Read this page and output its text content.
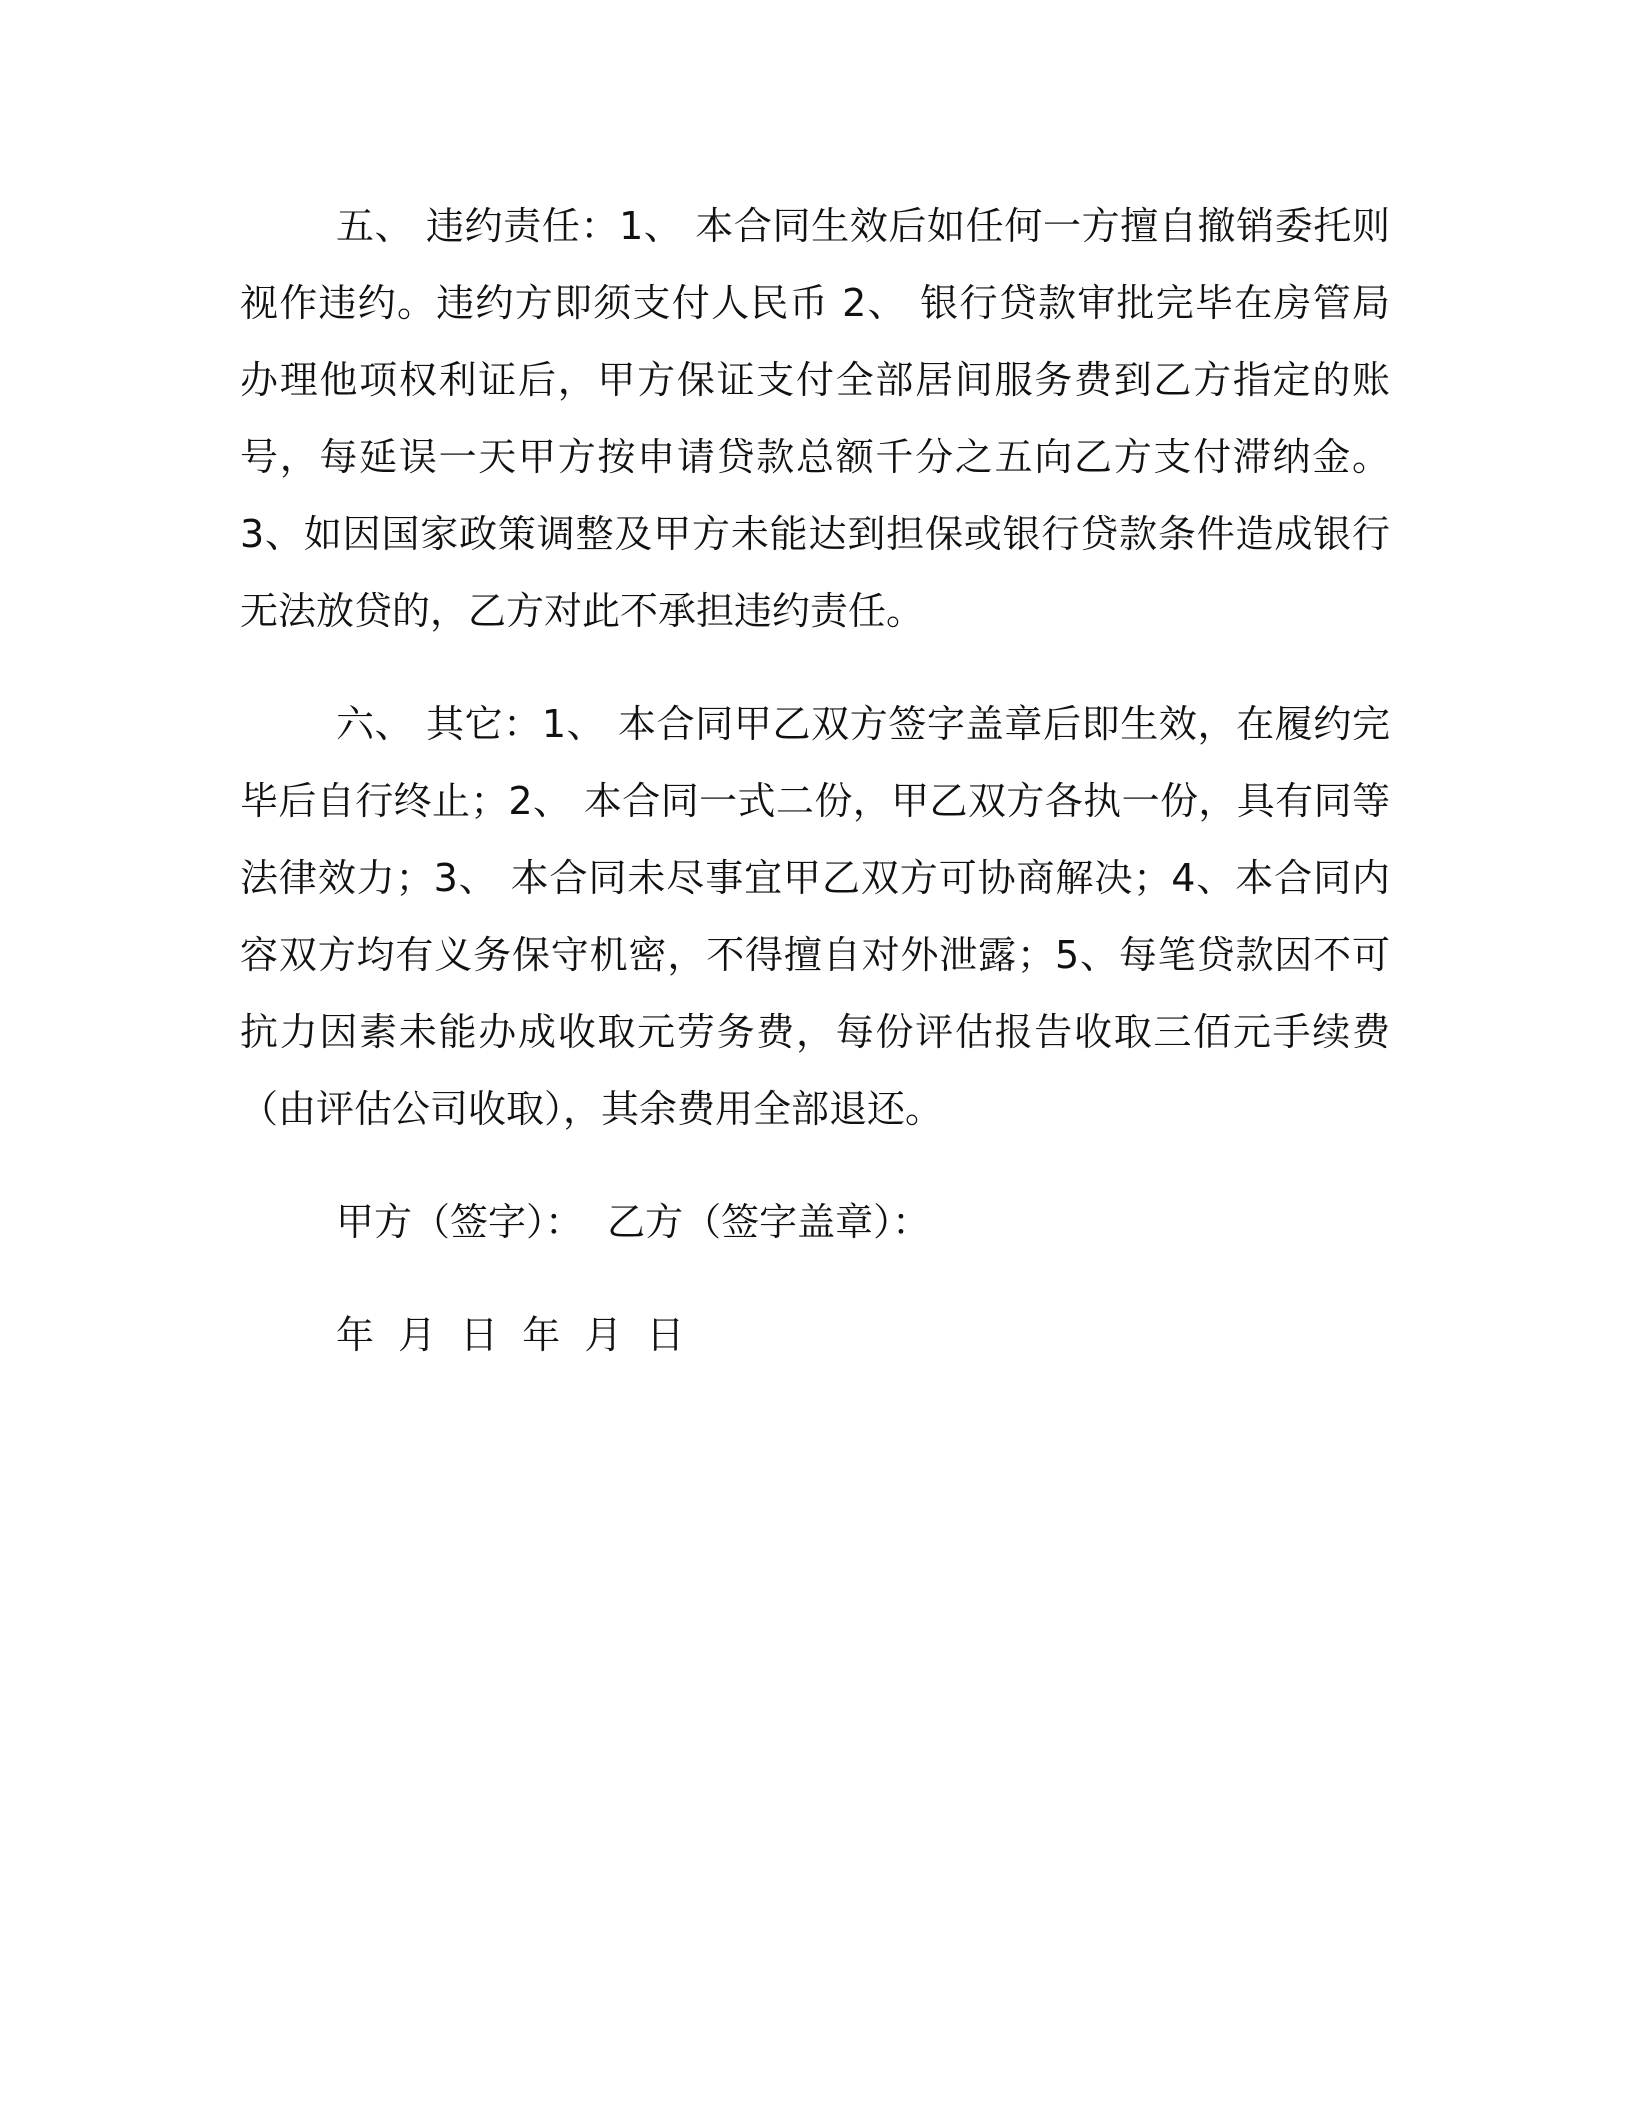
五、 违约责任：1、 本合同生效后如任何一方擅自撤销委托则视作违约。违约方即须支付人民币 2、 银行贷款审批完毕在房管局办理他项权利证后，甲方保证支付全部居间服务费到乙方指定的账号，每延误一天甲方按申请贷款总额千分之五向乙方支付滞纳金。3、如因国家政策调整及甲方未能达到担保或银行贷款条件造成银行无法放贷的，乙方对此不承担违约责任。

六、 其它：1、 本合同甲乙双方签字盖章后即生效，在履约完毕后自行终止；2、 本合同一式二份，甲乙双方各执一份，具有同等法律效力；3、 本合同未尽事宜甲乙双方可协商解决；4、本合同内容双方均有义务保守机密，不得擅自对外泄露；5、每笔贷款因不可抗力因素未能办成收取元劳务费，每份评估报告收取三佰元手续费（由评估公司收取），其余费用全部退还。

甲方（签字）：  乙方（签字盖章）：

年 月 日 年 月 日
